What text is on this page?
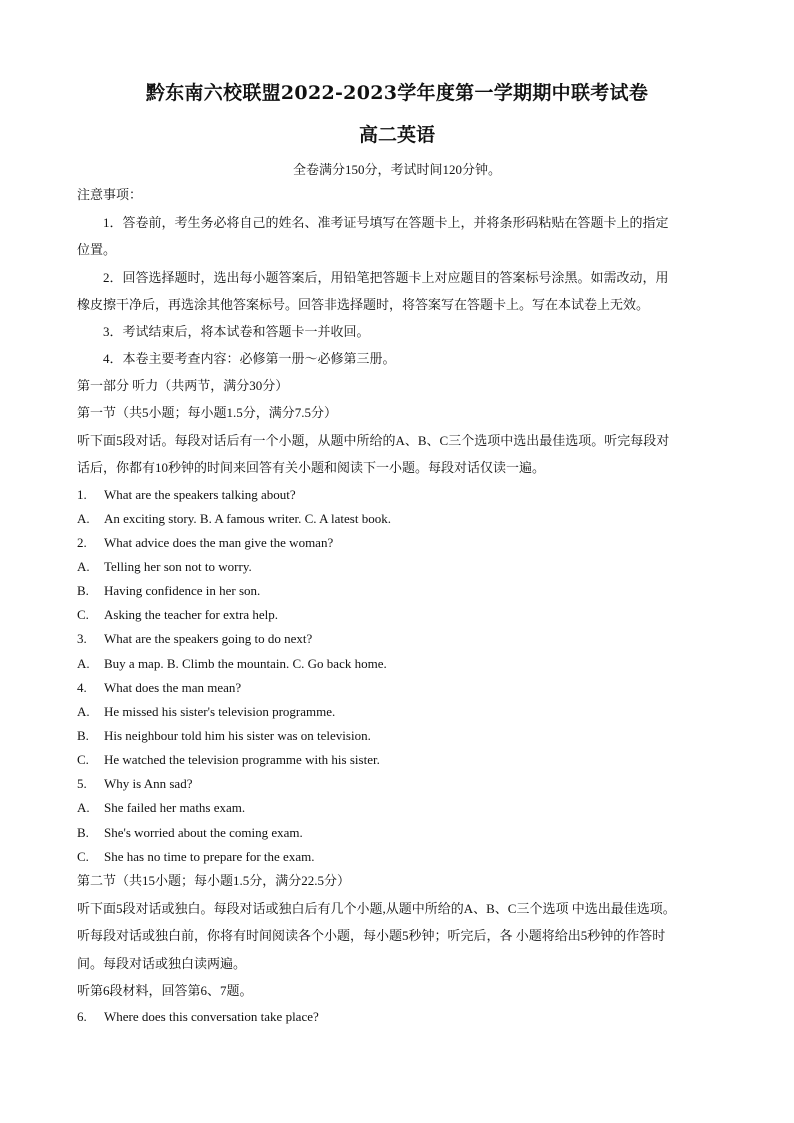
黔东南六校联盟2022-2023学年度第一学期期中联考试卷
高二英语
全卷满分150分，考试时间120分钟。
注意事项：
1．答卷前，考生务必将自己的姓名、准考证号填写在答题卡上，并将条形码粘贴在答题卡上的指定
位置。
2．回答选择题时，选出每小题答案后，用铅笔把答题卡上对应题目的答案标号涂黑。如需改动，用
橡皮擦干净后，再选涂其他答案标号。回答非选择题时，将答案写在答题卡上。写在本试卷上无效。
3．考试结束后，将本试卷和答题卡一并收回。
4．本卷主要考查内容：必修第一册～必修第三册。
第一部分 听力（共两节，满分30分）
第一节（共5小题；每小题1.5分，满分7.5分）
听下面5段对话。每段对话后有一个小题，从题中所给的A、B、C三个选项中选出最佳选项。听完每段对
话后，你都有10秒钟的时间来回答有关小题和阅读下一小题。每段对话仅读一遍。
1. What are the speakers talking about?
A. An exciting story. B. A famous writer. C. A latest book.
2. What advice does the man give the woman?
A. Telling her son not to worry.
B. Having confidence in her son.
C. Asking the teacher for extra help.
3. What are the speakers going to do next?
A. Buy a map. B. Climb the mountain. C. Go back home.
4. What does the man mean?
A. He missed his sister's television programme.
B. His neighbour told him his sister was on television.
C. He watched the television programme with his sister.
5. Why is Ann sad?
A. She failed her maths exam.
B. She's worried about the coming exam.
C. She has no time to prepare for the exam.
第二节（共15小题；每小题1.5分，满分22.5分）
听下面5段对话或独白。每段对话或独白后有几个小题,从题中所给的A、B、C三个选项 中选出最佳选项。
听每段对话或独白前，你将有时间阅读各个小题，每小题5秒钟；听完后，各 小题将给出5秒钟的作答时
间。每段对话或独白读两遍。
听第6段材料，回答第6、7题。
6. Where does this conversation take place?
